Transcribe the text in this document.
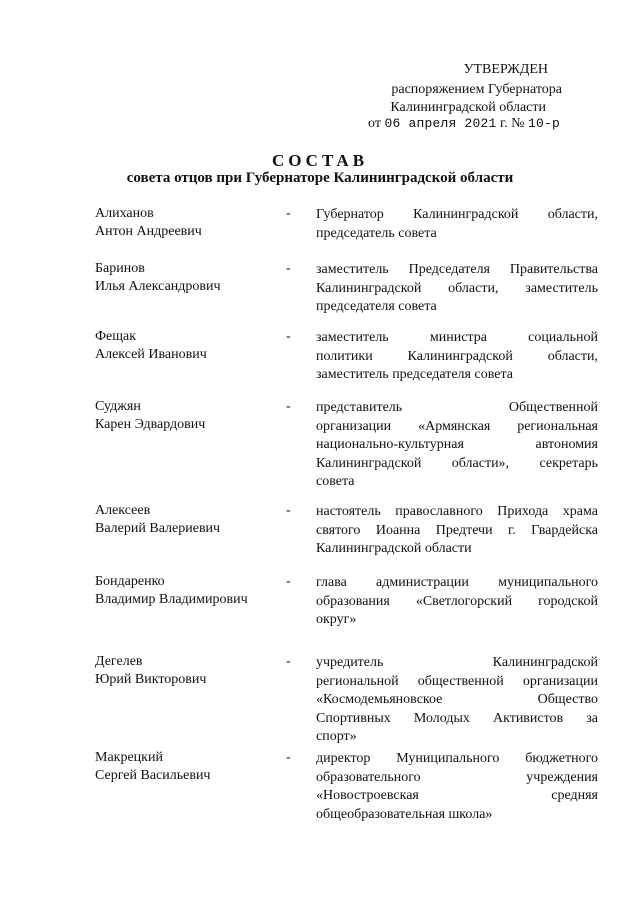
УТВЕРЖДЕН
распоряжением Губернатора
Калининградской области
от 06 апреля 2021 г. № 10-р
СОСТАВ
совета отцов при Губернаторе Калининградской области
Алиханов
Антон Андреевич
- Губернатор Калининградской области,
председатель совета
Баринов
Илья Александрович
- заместитель Председателя Правительства
Калининградской области, заместитель
председателя совета
Фещак
Алексей Иванович
- заместитель министра социальной
политики Калининградской области,
заместитель председателя совета
Суджян
Карен Эдвардович
- представитель Общественной
организации «Армянская региональная
национально-культурная автономия
Калининградской области», секретарь
совета
Алексеев
Валерий Валериевич
- настоятель православного Прихода храма
святого Иоанна Предтечи г. Гвардейска
Калининградской области
Бондаренко
Владимир Владимирович
- глава администрации муниципального
образования «Светлогорский городской
округ»
Дегелев
Юрий Викторович
- учредитель Калининградской
региональной общественной организации
«Космодемьяновское Общество
Спортивных Молодых Активистов за
спорт»
Макрецкий
Сергей Васильевич
- директор Муниципального бюджетного
образовательного учреждения
«Новостроевская средняя
общеобразовательная школа»
